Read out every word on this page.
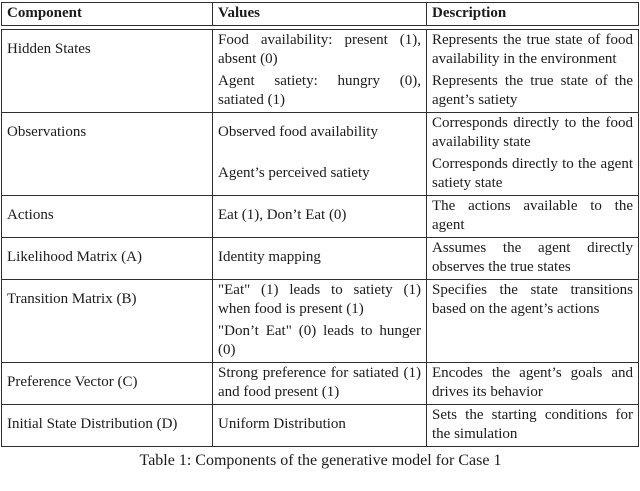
Component	Values	Description
Hidden States	Food availability: present (1), absent (0)	Represents the true state of food availability in the environment
	Agent satiety: hungry (0), satiated (1)	Represents the true state of the agent’s satiety
Observations	Observed food availability	Corresponds directly to the food availability state
	Agent’s perceived satiety	Corresponds directly to the agent satiety state
Actions	Eat (1), Don’t Eat (0)	The actions available to the agent
Likelihood Matrix (A)	Identity mapping	Assumes the agent directly observes the true states
Transition Matrix (B)	"Eat" (1) leads to satiety (1) when food is present (1)	Specifies the state transitions based on the agent’s actions
	"Don’t Eat" (0) leads to hunger (0)	
Preference Vector (C)	Strong preference for satiated (1) and food present (1)	Encodes the agent’s goals and drives its behavior
Initial State Distribution (D)	Uniform Distribution	Sets the starting conditions for the simulation
Table 1: Components of the generative model for Case 1
